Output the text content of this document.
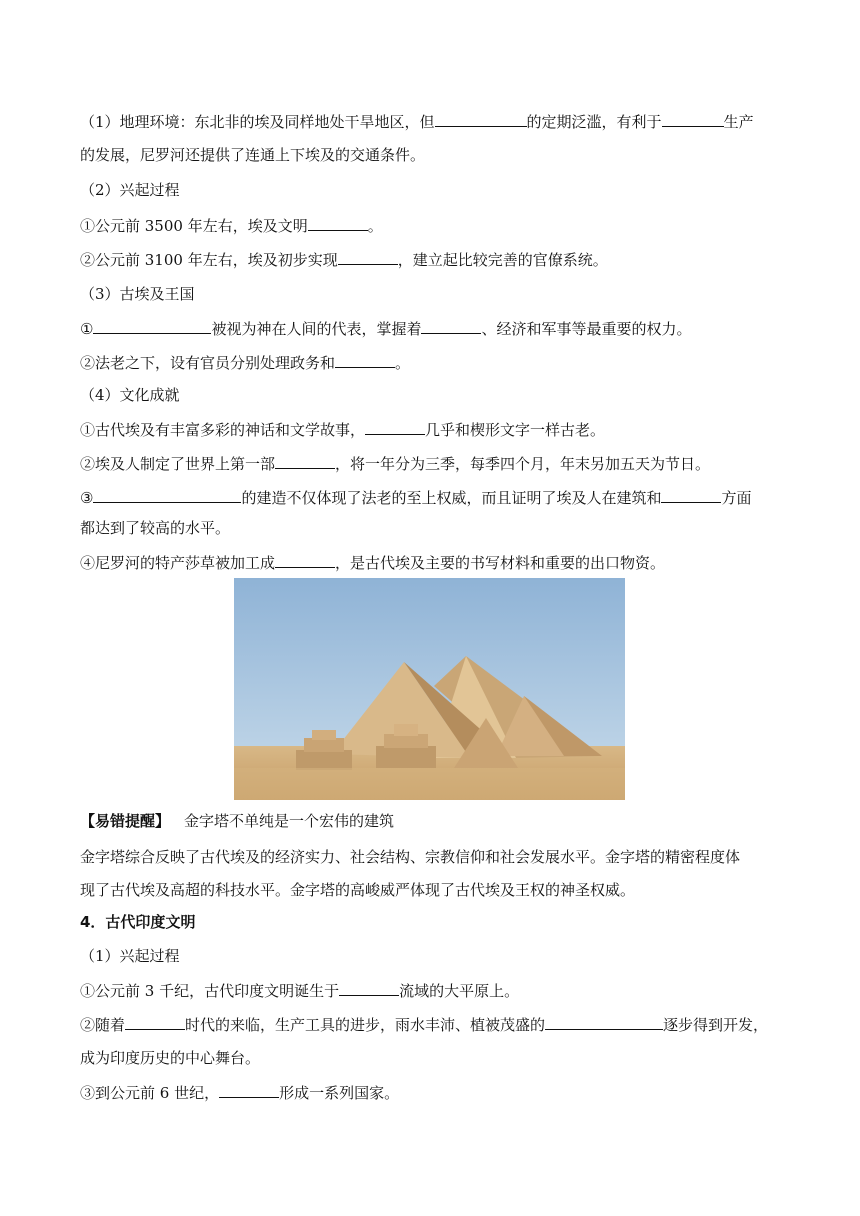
（1）地理环境：东北非的埃及同样地处干旱地区，但	的定期泛滥，有利于	生产
的发展，尼罗河还提供了连通上下埃及的交通条件。
（2）兴起过程
①公元前 3500 年左右，埃及文明	。
②公元前 3100 年左右，埃及初步实现	，建立起比较完善的官僚系统。
（3）古埃及王国
①	被视为神在人间的代表，掌握着	、经济和军事等最重要的权力。
②法老之下，设有官员分别处理政务和	。
（4）文化成就
①古代埃及有丰富多彩的神话和文学故事，	几乎和楔形文字一样古老。
②埃及人制定了世界上第一部	，将一年分为三季，每季四个月，年末另加五天为节日。
③	的建造不仅体现了法老的至上权威，而且证明了埃及人在建筑和	方面
都达到了较高的水平。
④尼罗河的特产莎草被加工成	，是古代埃及主要的书写材料和重要的出口物资。
【易错提醒】 金字塔不单纯是一个宏伟的建筑
金字塔综合反映了古代埃及的经济实力、社会结构、宗教信仰和社会发展水平。金字塔的精密程度体
现了古代埃及高超的科技水平。金字塔的高峻威严体现了古代埃及王权的神圣权威。
4．古代印度文明
（1）兴起过程
①公元前 3 千纪，古代印度文明诞生于	流域的大平原上。
②随着	时代的来临，生产工具的进步，雨水丰沛、植被茂盛的	逐步得到开发，
成为印度历史的中心舞台。
③到公元前 6 世纪，	形成一系列国家。
